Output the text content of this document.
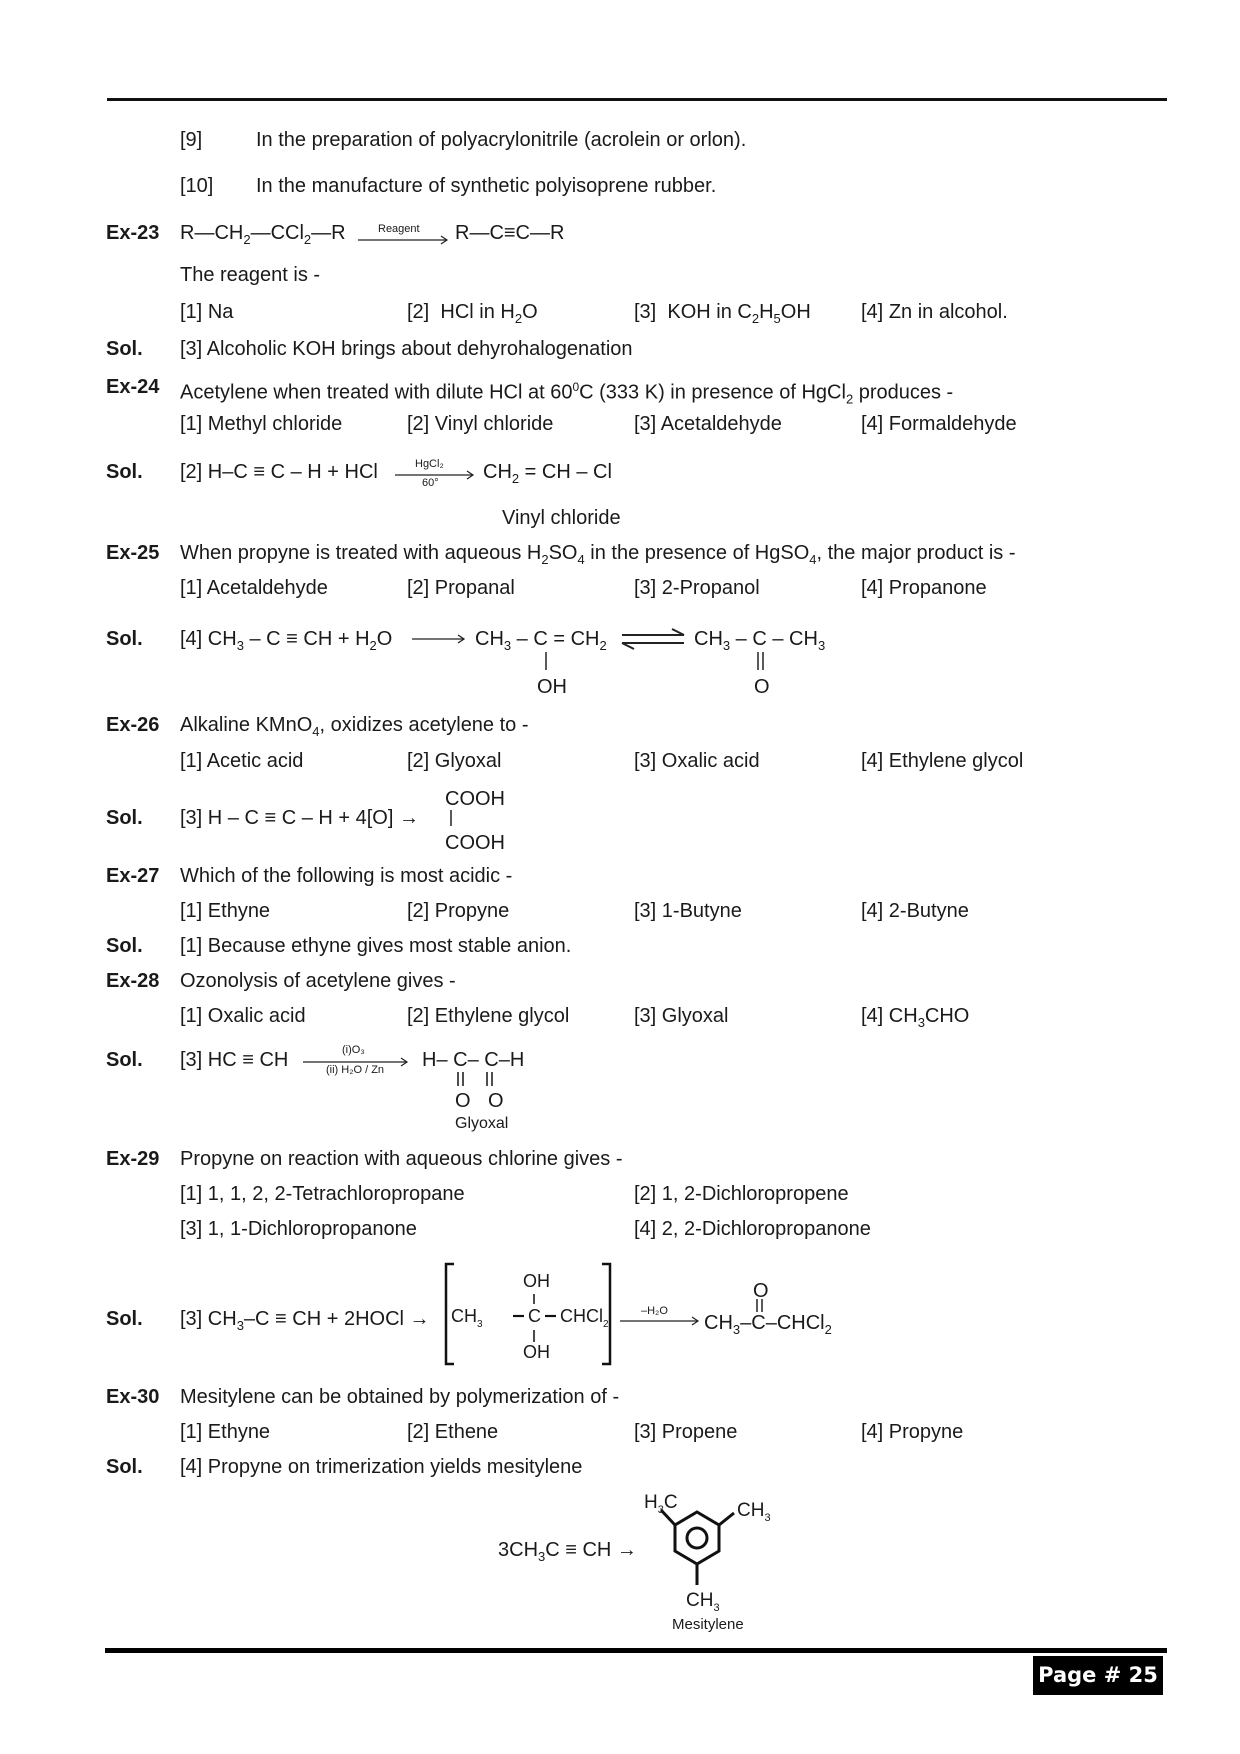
[9]	In the preparation of polyacrylonitrile (acrolein or orlon).
[10] In the manufacture of synthetic polyisoprene rubber.
Ex-23 $R—CH_2—CCl_2—R$	Reagent R—C≡C—R
The reagent is -
[1] Na	[2] HCl in $H_2O$	[3] KOH in $C_2H_5OH$	[4] Zn in alcohol.
Sol. [3] Alcoholic KOH brings about dehyrohalogenation
Ex-24 Acetylene when treated with dilute HCl at $60^0C$ (333 K) in presence of HgCl$_2$ produces -
[1] Methyl chloride	[2] Vinyl chloride	[3] Acetaldehyde	[4] Formaldehyde
Sol. [2] H–C ≡ C – H + HCl	HgCl₂
60° $CH_2$ = CH – Cl
Vinyl chloride
Ex-25 When propyne is treated with aqueous $H_2SO_4$ in the presence of HgSO$_4$, the major product is -
[1] Acetaldehyde	[2] Propanal	[3] 2-Propanol	[4] Propanone
Sol. [4] $CH_3$ – C ≡ CH + $H_2O \to CH_3 - C = CH_2$
OH
$CH_3$ – C – $CH_3$
O
Ex-26 Alkaline KMnO$_4$, oxidizes acetylene to -
[1] Acetic acid	[2] Glyoxal	[3] Oxalic acid	[4] Ethylene glycol
Sol. [3] H – C ≡ C – H + 4[O] →
COOH
COOH
Ex-27 Which of the following is most acidic -
[1] Ethyne	[2] Propyne	[3] 1-Butyne	[4] 2-Butyne
Sol. [1] Because ethyne gives most stable anion.
Ex-28 Ozonolysis of acetylene gives -
[1] Oxalic acid	[2] Ethylene glycol	[3] Glyoxal	[4] $CH_3CHO$
Sol. [3] HC ≡ CH	(i)O₃
(ii) H₂O / Zn H– C– C–H
O O
Glyoxal
Ex-29 Propyne on reaction with aqueous chlorine gives -
[1] 1, 1, 2, 2-Tetrachloropropane	[2] 1, 2-Dichloropropene
[3] 1, 1-Dichloropropanone	[4] 2, 2-Dichloropropanone
Sol. [3] $CH_3-C$ ≡ CH + 2HOCl → $CH_3$	C CHCl$_2$
OH
OH
–H₂O
$CH_3-C-CHCl_2$
O
Ex-30 Mesitylene can be obtained by polymerization of -
[1] Ethyne	[2] Ethene	[3] Propene	[4] Propyne
Sol. [4] Propyne on trimerization yields mesitylene
$3CH_3C$ ≡ CH →
$H_3C$	$CH_3$
$CH_3$
Mesitylene
Page # 25
